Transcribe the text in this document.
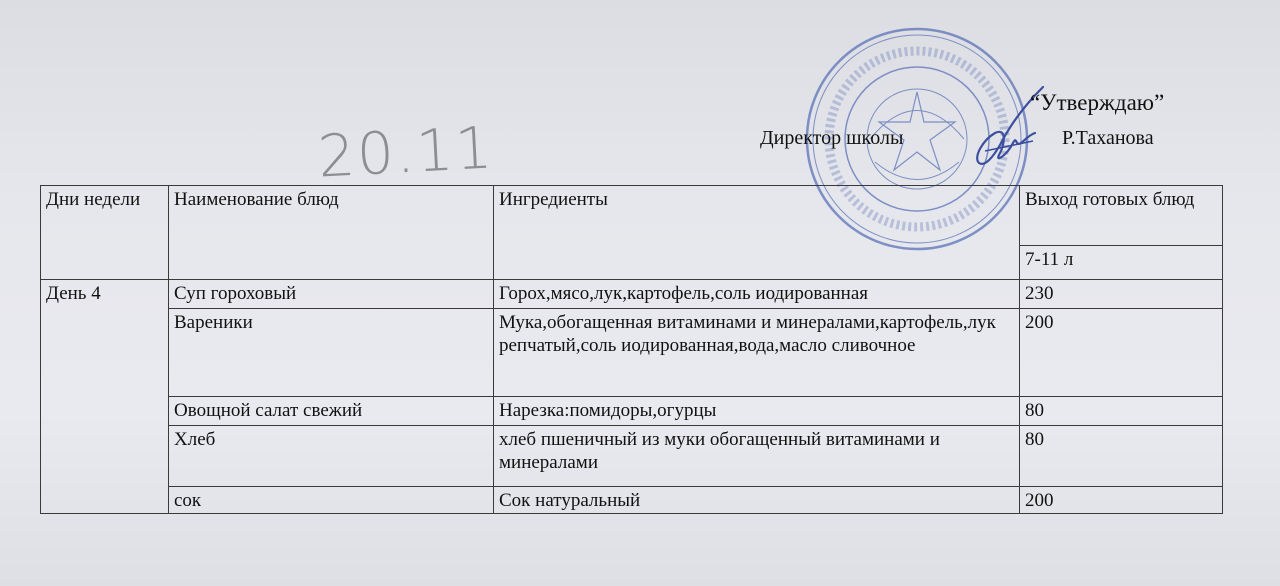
20.11
“Утверждаю”
Директор школы	Р.Таханова
Дни недели	Наименование блюд	Ингредиенты	Выход готовых блюд
			7-11 л
День 4	Суп гороховый	Горох,мясо,лук,картофель,соль иодированная	230
	Вареники	Мука,обогащенная витаминами и минералами,картофель,лук репчатый,соль иодированная,вода,масло сливочное	200
	Овощной салат свежий	Нарезка:помидоры,огурцы	80
	Хлеб	хлеб пшеничный из муки обогащенный витаминами и минералами	80
	сок	Сок натуральный	200
